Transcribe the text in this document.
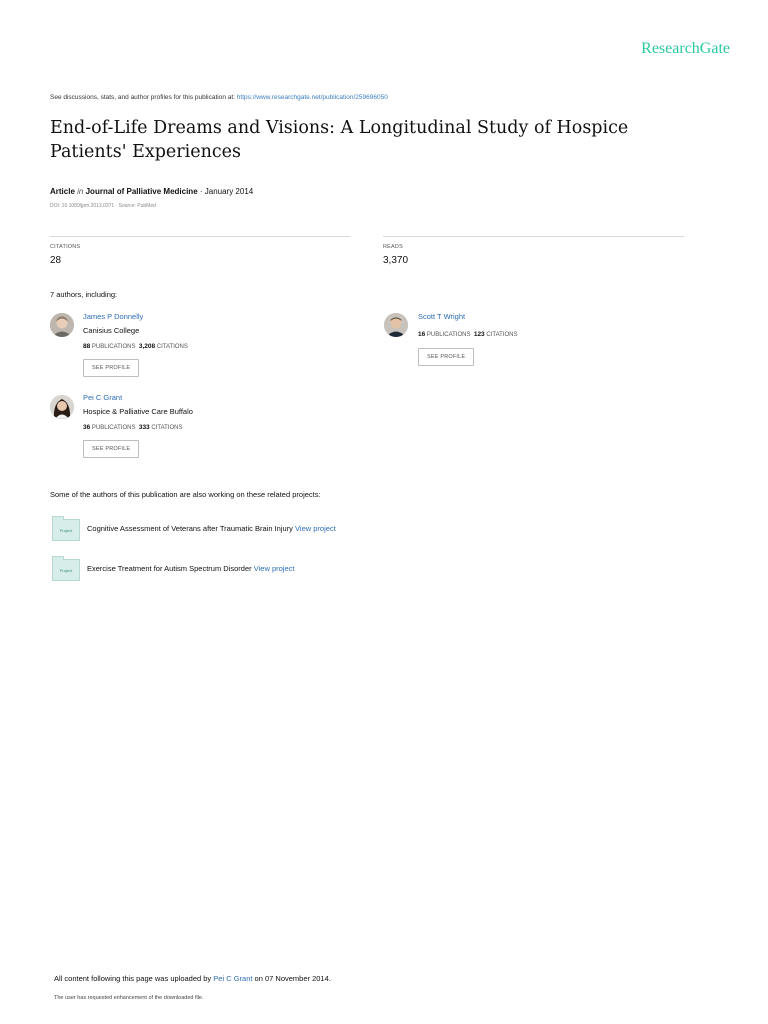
ResearchGate
See discussions, stats, and author profiles for this publication at: https://www.researchgate.net/publication/259696050
End-of-Life Dreams and Visions: A Longitudinal Study of Hospice Patients' Experiences
Article in Journal of Palliative Medicine · January 2014
DOI: 10.1089/jpm.2013.0371 · Source: PubMed
CITATIONS
28
READS
3,370
7 authors, including:
James P Donnelly
Canisius College
88 PUBLICATIONS 3,208 CITATIONS
SEE PROFILE
Scott T Wright
16 PUBLICATIONS 123 CITATIONS
SEE PROFILE
Pei C Grant
Hospice & Palliative Care Buffalo
36 PUBLICATIONS 333 CITATIONS
SEE PROFILE
Some of the authors of this publication are also working on these related projects:
Project Cognitive Assessment of Veterans after Traumatic Brain Injury View project
Project Exercise Treatment for Autism Spectrum Disorder View project
All content following this page was uploaded by Pei C Grant on 07 November 2014.
The user has requested enhancement of the downloaded file.
